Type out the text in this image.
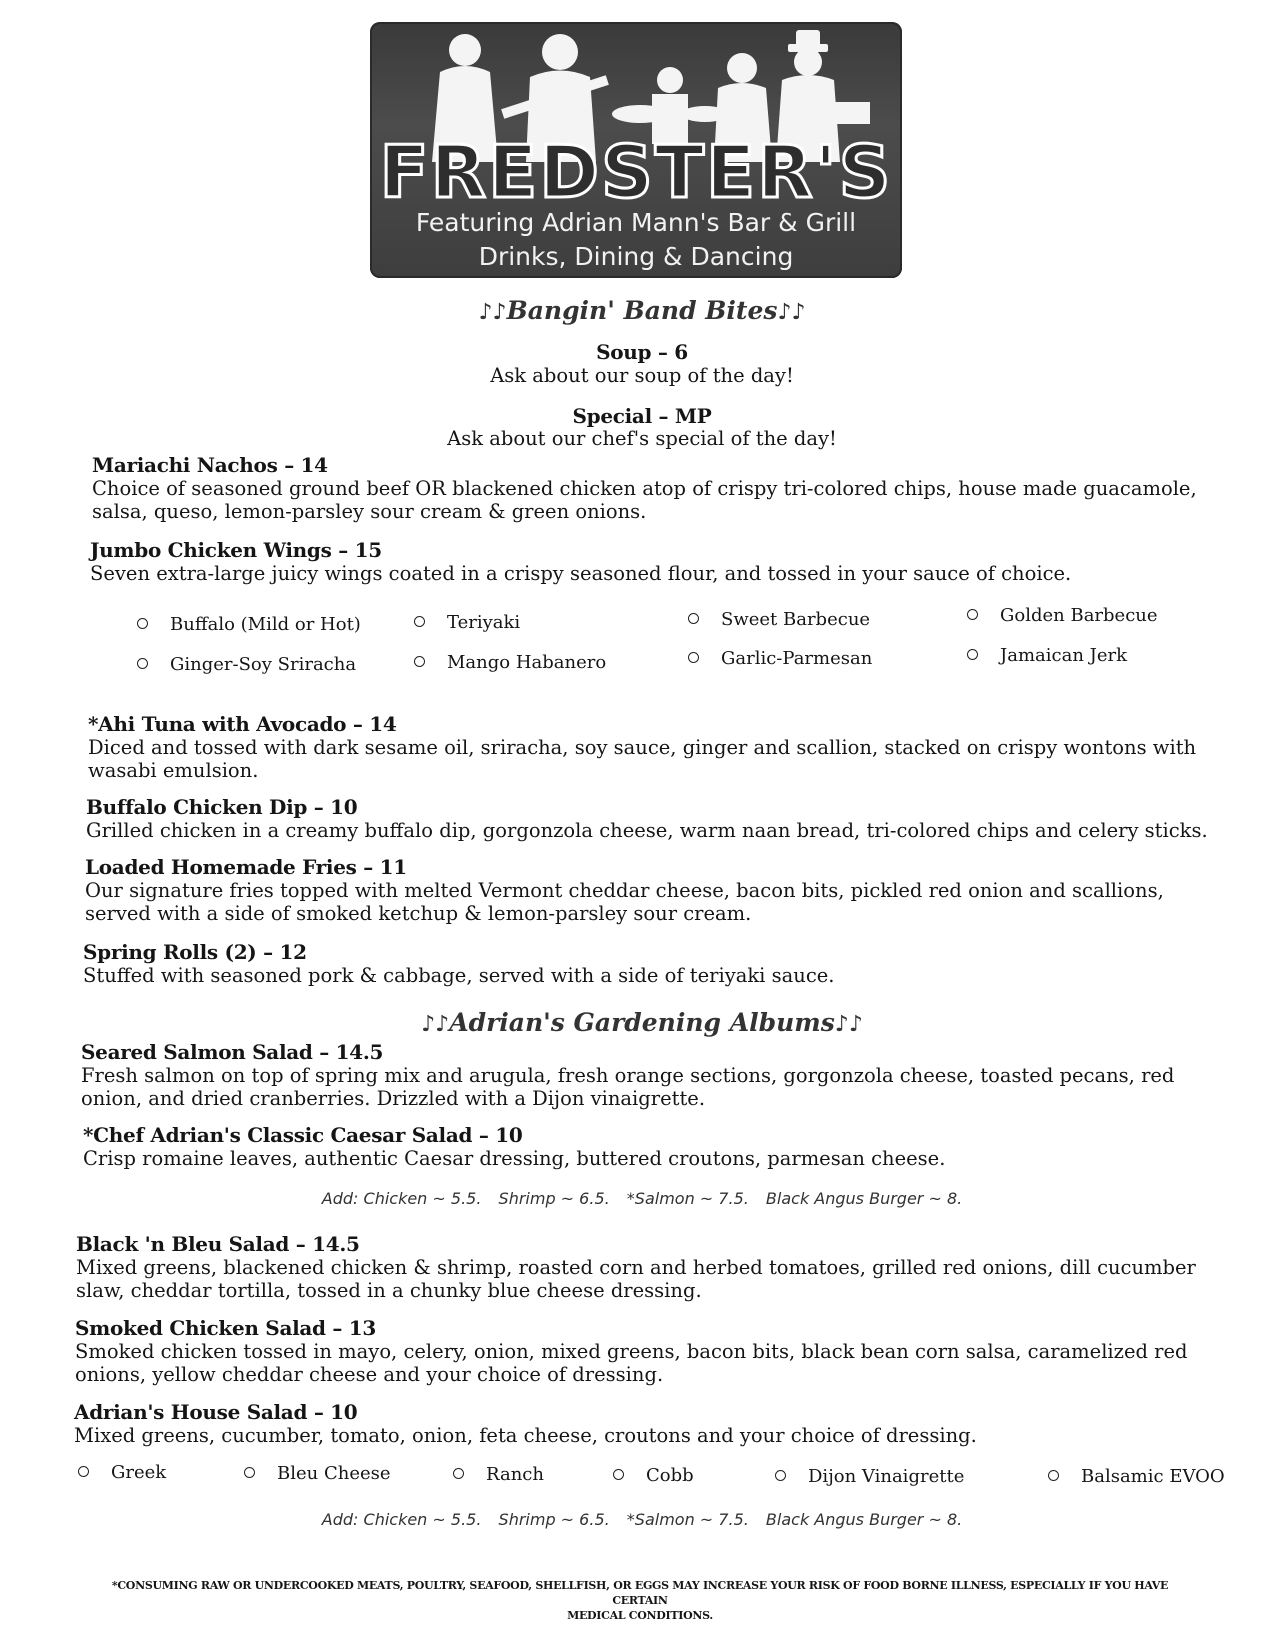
FREDSTER'S
Featuring Adrian Mann's Bar & Grill
Drinks, Dining & Dancing
♪♪Bangin' Band Bites♪♪
Soup – 6
Ask about our soup of the day!
Special – MP
Ask about our chef's special of the day!
Mariachi Nachos – 14
Choice of seasoned ground beef OR blackened chicken atop of crispy tri-colored chips, house made guacamole,
salsa, queso, lemon-parsley sour cream & green onions.
Jumbo Chicken Wings – 15
Seven extra-large juicy wings coated in a crispy seasoned flour, and tossed in your sauce of choice.
Buffalo (Mild or Hot)	Teriyaki	Sweet Barbecue	Golden Barbecue
Ginger-Soy Sriracha	Mango Habanero	Garlic-Parmesan	Jamaican Jerk
*Ahi Tuna with Avocado – 14
Diced and tossed with dark sesame oil, sriracha, soy sauce, ginger and scallion, stacked on crispy wontons with
wasabi emulsion.
Buffalo Chicken Dip – 10
Grilled chicken in a creamy buffalo dip, gorgonzola cheese, warm naan bread, tri-colored chips and celery sticks.
Loaded Homemade Fries – 11
Our signature fries topped with melted Vermont cheddar cheese, bacon bits, pickled red onion and scallions,
served with a side of smoked ketchup & lemon-parsley sour cream.
Spring Rolls (2) – 12
Stuffed with seasoned pork & cabbage, served with a side of teriyaki sauce.
♪♪Adrian's Gardening Albums♪♪
Seared Salmon Salad – 14.5
Fresh salmon on top of spring mix and arugula, fresh orange sections, gorgonzola cheese, toasted pecans, red
onion, and dried cranberries. Drizzled with a Dijon vinaigrette.
*Chef Adrian's Classic Caesar Salad – 10
Crisp romaine leaves, authentic Caesar dressing, buttered croutons, parmesan cheese.
Add: Chicken ~ 5.5. Shrimp ~ 6.5. *Salmon ~ 7.5. Black Angus Burger ~ 8.
Black 'n Bleu Salad – 14.5
Mixed greens, blackened chicken & shrimp, roasted corn and herbed tomatoes, grilled red onions, dill cucumber
slaw, cheddar tortilla, tossed in a chunky blue cheese dressing.
Smoked Chicken Salad – 13
Smoked chicken tossed in mayo, celery, onion, mixed greens, bacon bits, black bean corn salsa, caramelized red
onions, yellow cheddar cheese and your choice of dressing.
Adrian's House Salad – 10
Mixed greens, cucumber, tomato, onion, feta cheese, croutons and your choice of dressing.
Greek	Bleu Cheese	Ranch	Cobb	Dijon Vinaigrette	Balsamic EVOO
Add: Chicken ~ 5.5. Shrimp ~ 6.5. *Salmon ~ 7.5. Black Angus Burger ~ 8.
*CONSUMING RAW OR UNDERCOOKED MEATS, POULTRY, SEAFOOD, SHELLFISH, OR EGGS MAY INCREASE YOUR RISK OF FOOD BORNE ILLNESS, ESPECIALLY IF YOU HAVE CERTAIN
MEDICAL CONDITIONS.
